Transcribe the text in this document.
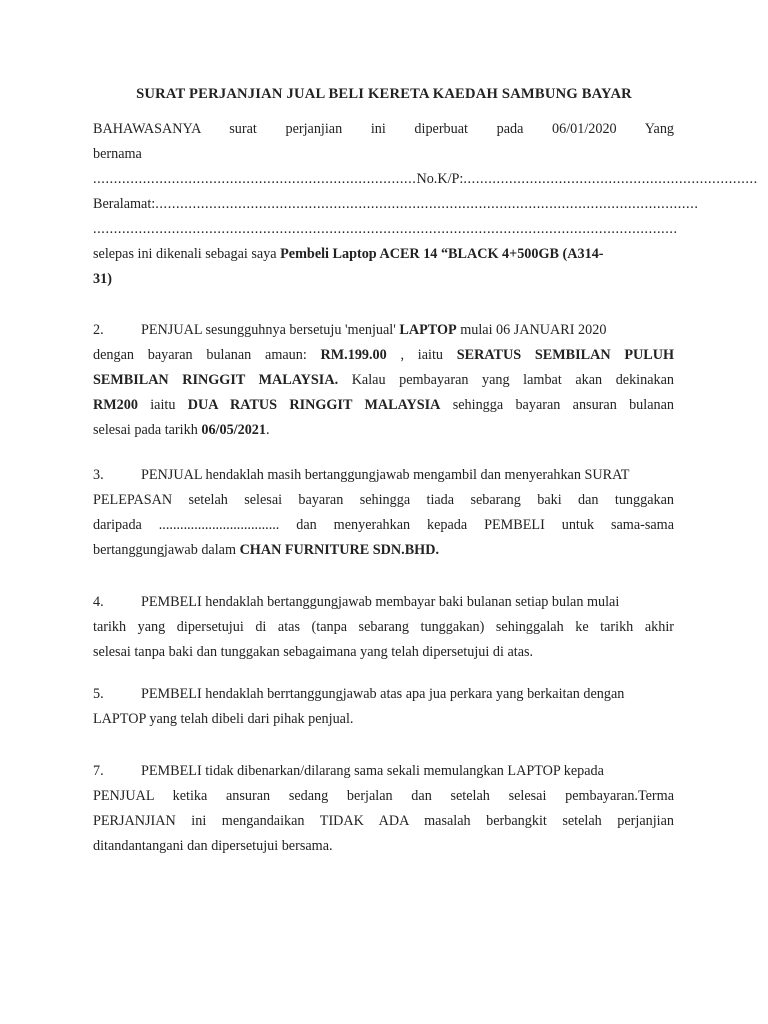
SURAT PERJANJIAN JUAL BELI KERETA KAEDAH SAMBUNG BAYAR
BAHAWASANYA surat perjanjian ini diperbuat pada 06/01/2020 Yang
bernama
..............................................................................No.K/P:.......................................................................
Beralamat:...................................................................................................................................
.............................................................................................................................................
selepas ini dikenali sebagai saya Pembeli Laptop ACER 14 “BLACK 4+500GB (A314-
31)
2.	PENJUAL sesungguhnya bersetuju 'menjual' LAPTOP mulai 06 JANUARI 2020
dengan bayaran bulanan amaun: RM.199.00 , iaitu SERATUS SEMBILAN PULUH
SEMBILAN RINGGIT MALAYSIA. Kalau pembayaran yang lambat akan dekinakan
RM200 iaitu DUA RATUS RINGGIT MALAYSIA sehingga bayaran ansuran bulanan
selesai pada tarikh 06/05/2021.
3.	PENJUAL hendaklah masih bertanggungjawab mengambil dan menyerahkan SURAT
PELEPASAN setelah selesai bayaran sehingga tiada sebarang baki dan tunggakan
daripada .................................. dan menyerahkan kepada PEMBELI untuk sama-sama
bertanggungjawab dalam CHAN FURNITURE SDN.BHD.
4.	PEMBELI hendaklah bertanggungjawab membayar baki bulanan setiap bulan mulai
tarikh yang dipersetujui di atas (tanpa sebarang tunggakan) sehinggalah ke tarikh akhir
selesai tanpa baki dan tunggakan sebagaimana yang telah dipersetujui di atas.
5.	PEMBELI hendaklah berrtanggungjawab atas apa jua perkara yang berkaitan dengan
LAPTOP yang telah dibeli dari pihak penjual.
7.	PEMBELI tidak dibenarkan/dilarang sama sekali memulangkan LAPTOP kepada
PENJUAL ketika ansuran sedang berjalan dan setelah selesai pembayaran.Terma
PERJANJIAN ini mengandaikan TIDAK ADA masalah berbangkit setelah perjanjian
ditandantangani dan dipersetujui bersama.
